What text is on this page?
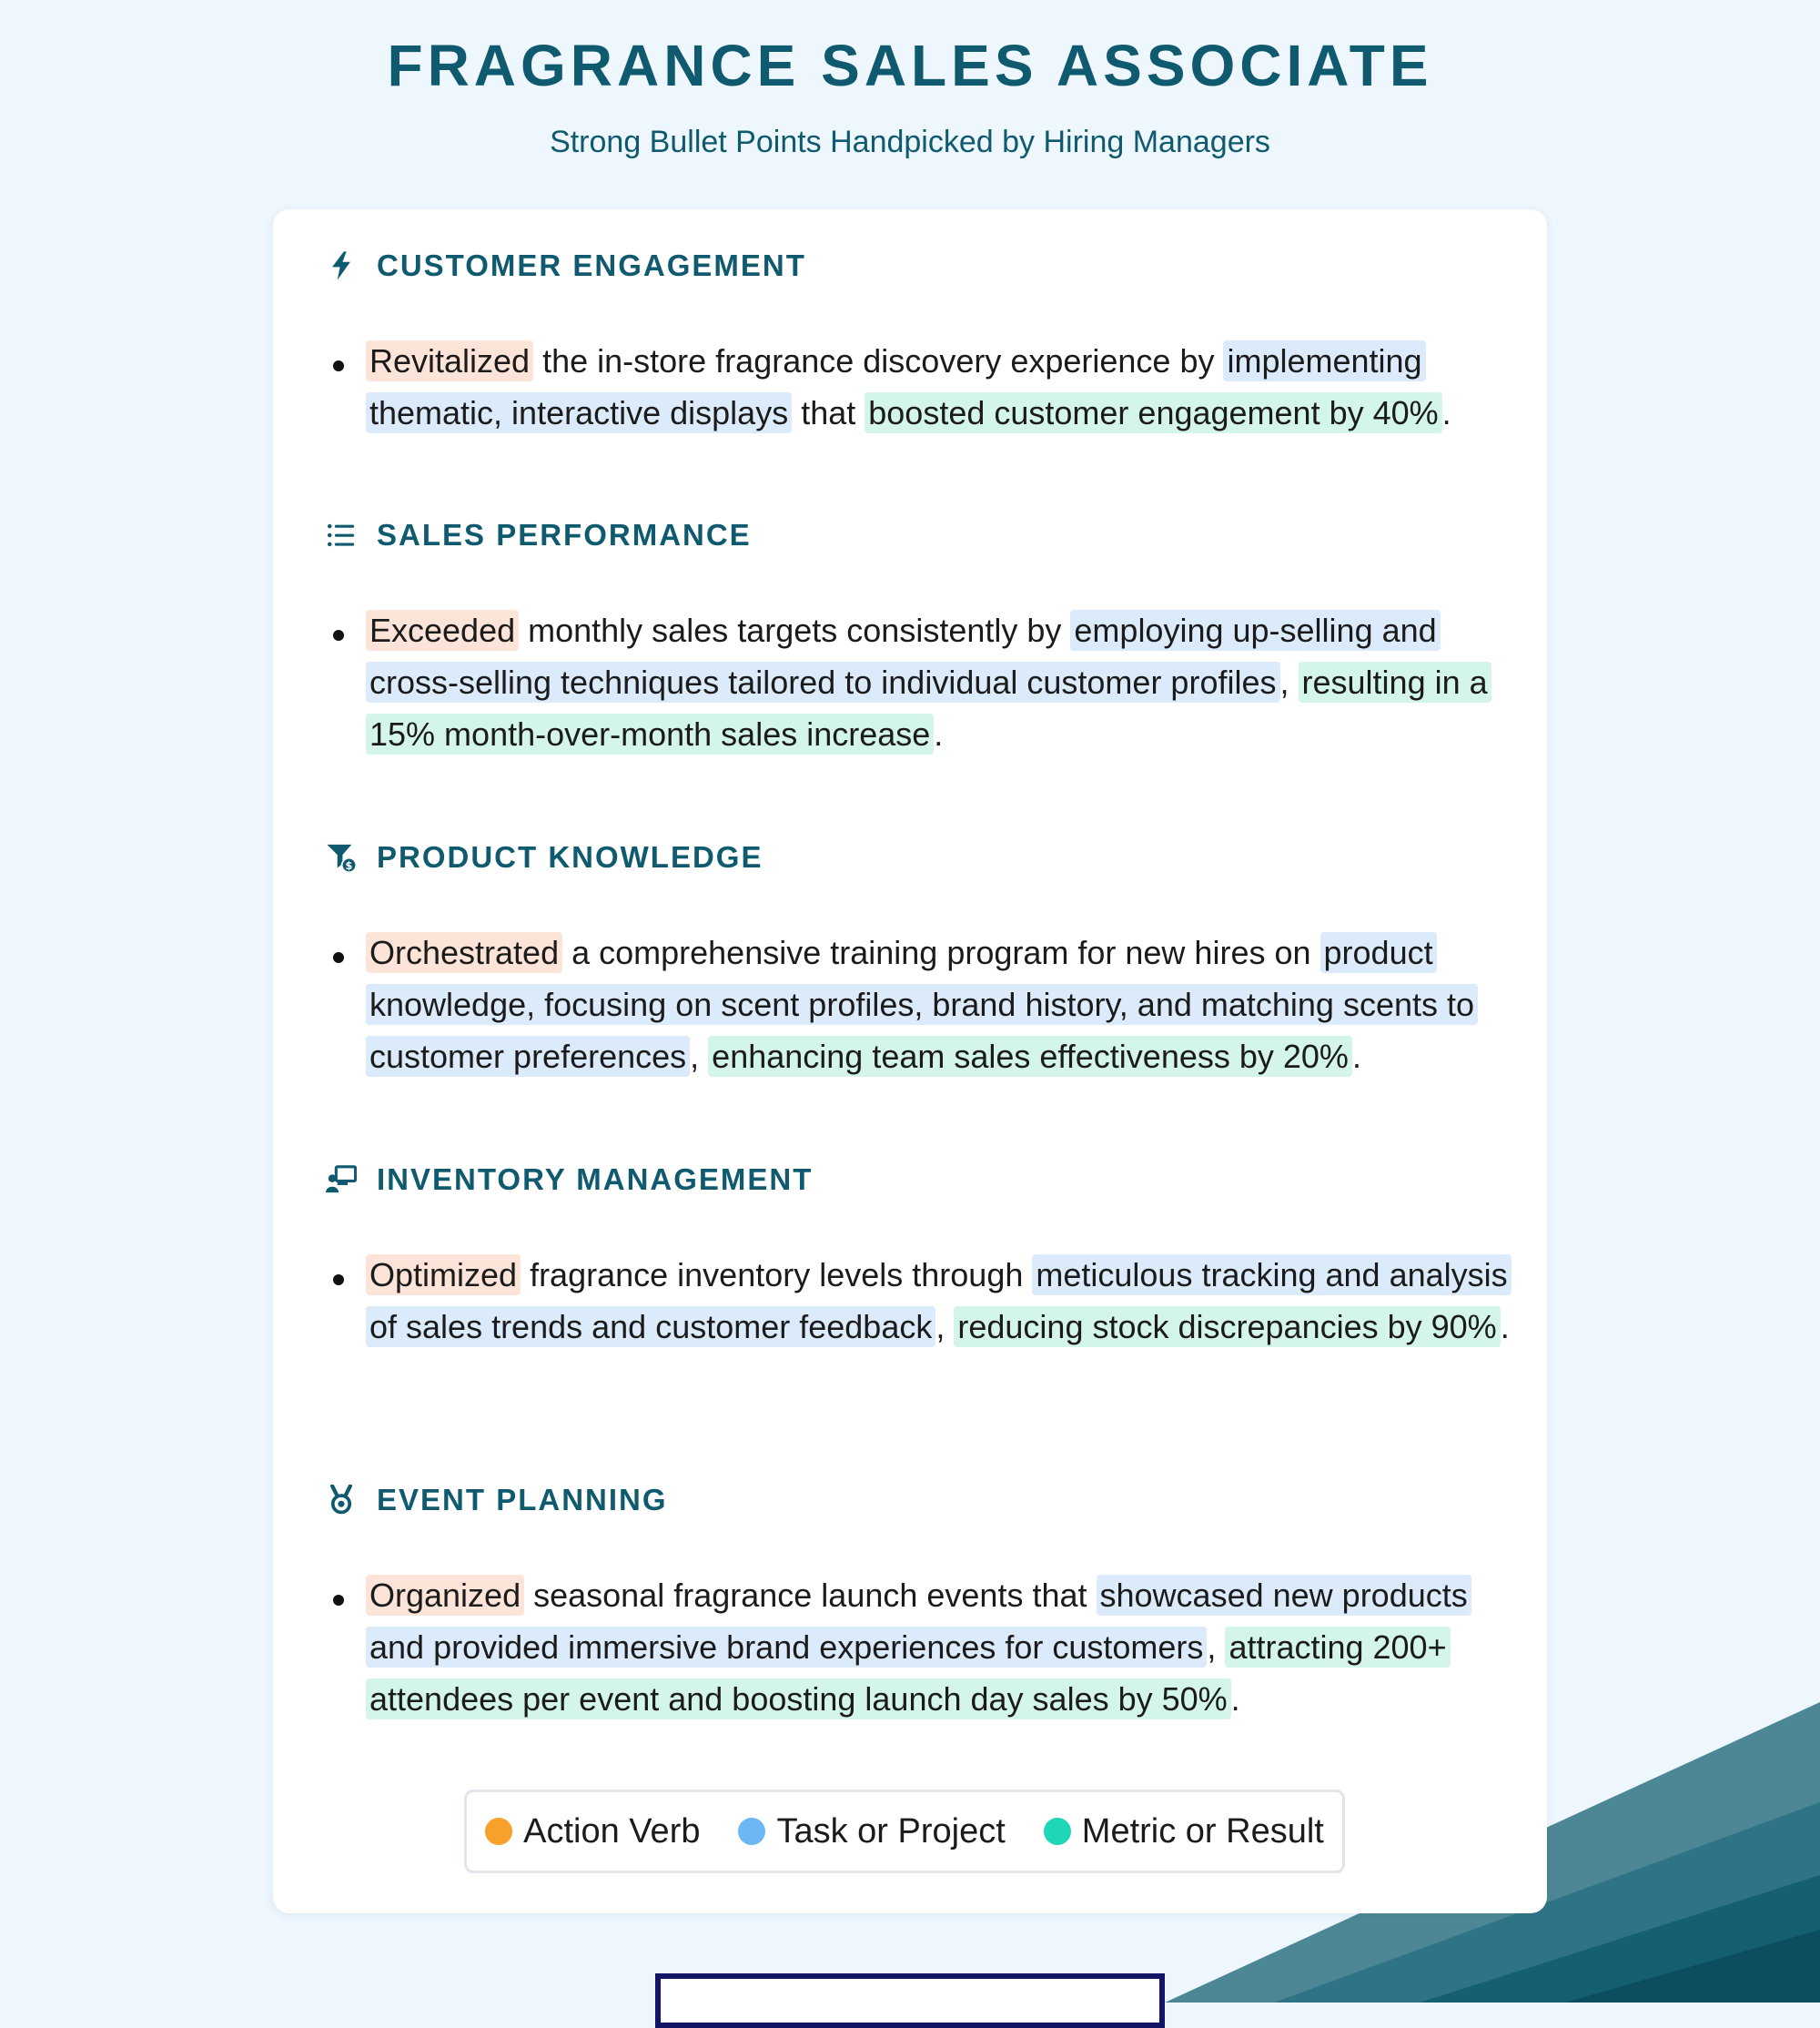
FRAGRANCE SALES ASSOCIATE
Strong Bullet Points Handpicked by Hiring Managers
CUSTOMER ENGAGEMENT
Revitalized the in-store fragrance discovery experience by implementing thematic, interactive displays that boosted customer engagement by 40% .
SALES PERFORMANCE
Exceeded monthly sales targets consistently by employing up-selling and cross-selling techniques tailored to individual customer profiles , resulting in a 15% month-over-month sales increase .
$ PRODUCT KNOWLEDGE
Orchestrated a comprehensive training program for new hires on product knowledge, focusing on scent profiles, brand history, and matching scents to customer preferences , enhancing team sales effectiveness by 20% .
INVENTORY MANAGEMENT
Optimized fragrance inventory levels through meticulous tracking and analysis of sales trends and customer feedback , reducing stock discrepancies by 90% .
EVENT PLANNING
Organized seasonal fragrance launch events that showcased new products and provided immersive brand experiences for customers , attracting 200+ attendees per event and boosting launch day sales by 50% .
Action Verb Task or Project Metric or Result
